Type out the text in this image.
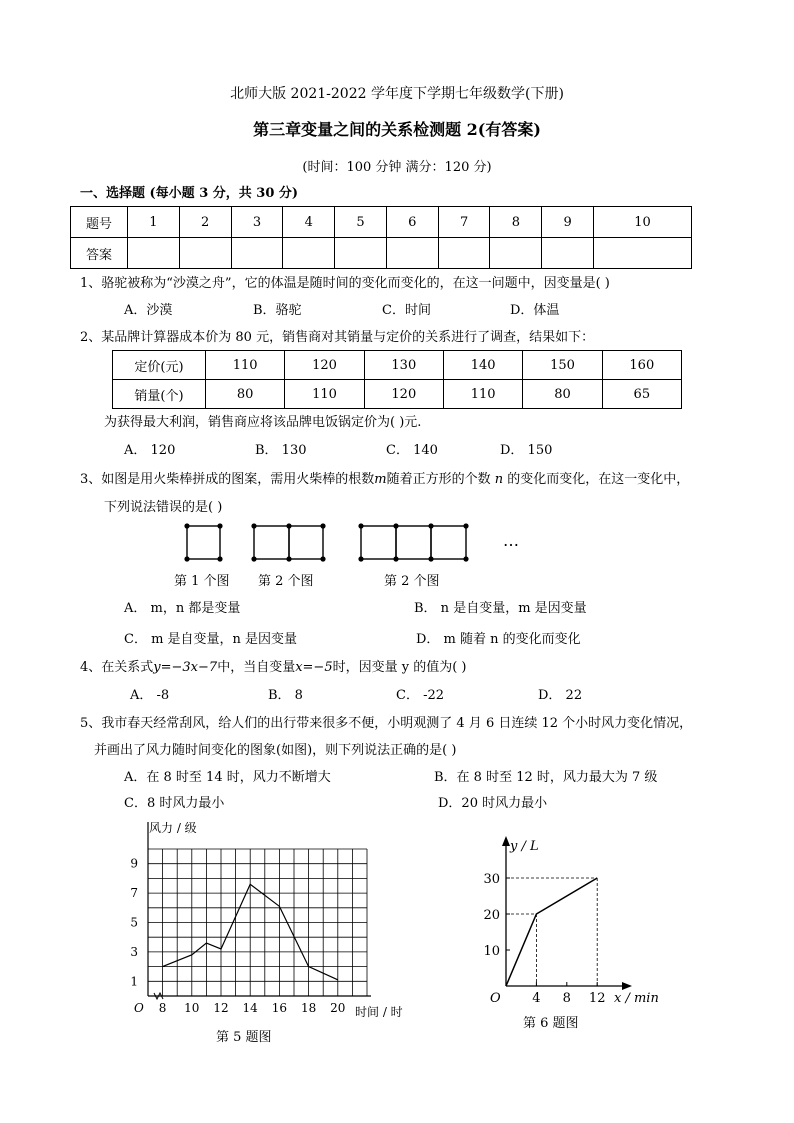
北师大版 2021-2022 学年度下学期七年级数学(下册)
第三章变量之间的关系检测题 2(有答案)
(时间：100 分钟 满分：120 分)
一、选择题 (每小题 3 分，共 30 分)
题号	1	2	3	4	5	6	7	8	9	10
答案										
1、骆驼被称为“沙漠之舟”，它的体温是随时间的变化而变化的，在这一问题中，因变量是( )
A．沙漠	B．骆驼	C．时间	D．体温
2、某品牌计算器成本价为 80 元，销售商对其销量与定价的关系进行了调查，结果如下：
定价(元)	110	120	130	140	150	160
销量(个)	80	110	120	110	80	65
为获得最大利润，销售商应将该品牌电饭锅定价为( )元.
A． 120	B． 130	C． 140	D． 150
3、如图是用火柴棒拼成的图案，需用火柴棒的根数m随着正方形的个数 n 的变化而变化，在这一变化中，
下列说法错误的是( )
…
第 1 个图 第 2 个图	第 2 个图
A． m，n 都是变量	B． n 是自变量，m 是因变量
C． m 是自变量，n 是因变量	D． m 随着 n 的变化而变化
4、在关系式y=−3x−7中，当自变量x=−5时，因变量 y 的值为( )
A． -8	B． 8	C． -22	D． 22
5、我市春天经常刮风，给人们的出行带来很多不便，小明观测了 4 月 6 日连续 12 个小时风力变化情况，
并画出了风力随时间变化的图象(如图)，则下列说法正确的是( )
A．在 8 时至 14 时，风力不断增大	B．在 8 时至 12 时，风力最大为 7 级
C．8 时风力最小	D．20 时风力最小
8 10 12 14 16 18 20
1
3
5
7
9
O
风力 / 级
时间 / 时
第 5 题图
4 8 12
10
20
30
O
y / L
x / min
第 6 题图
